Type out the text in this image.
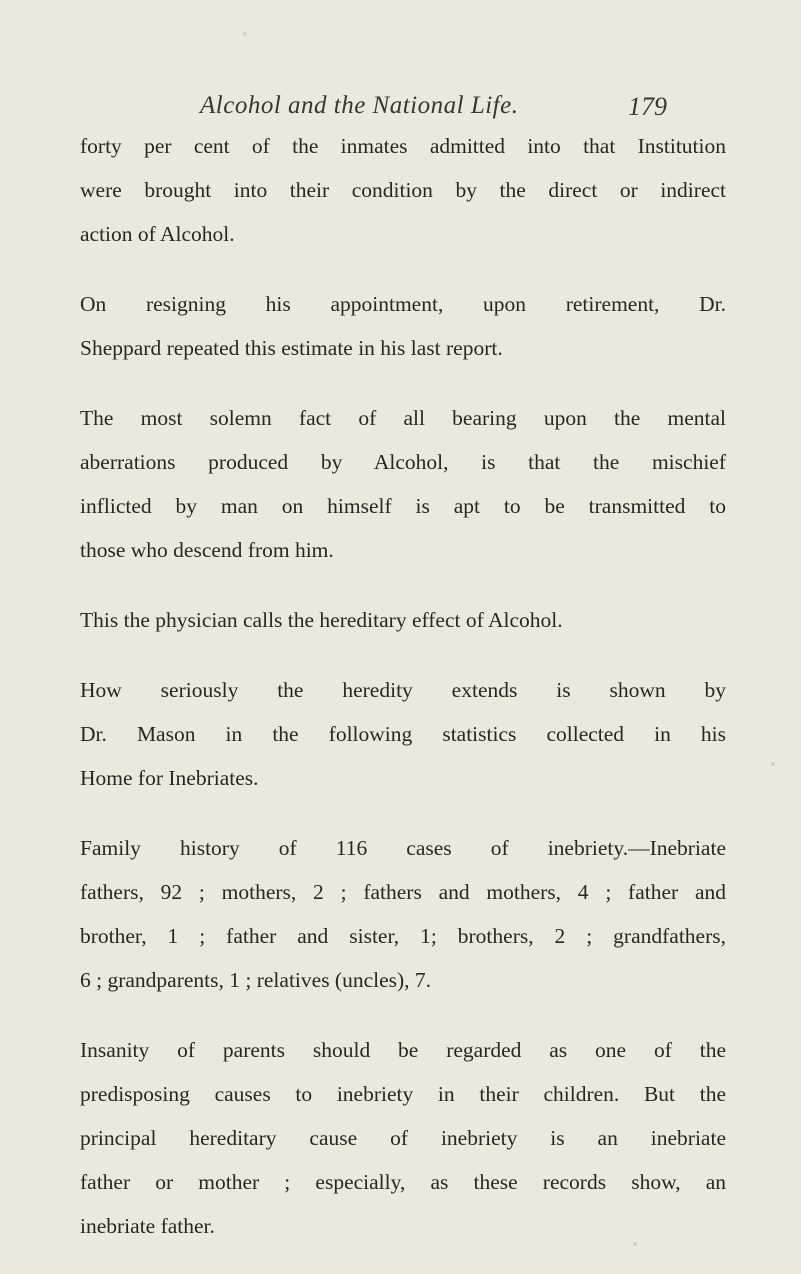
Alcohol and the National Life.	179

forty per cent of the inmates admitted into that Institution
were brought into their condition by the direct or indirect
action of Alcohol.

On resigning his appointment, upon retirement, Dr.
Sheppard repeated this estimate in his last report.

The most solemn fact of all bearing upon the mental
aberrations produced by Alcohol, is that the mischief
inflicted by man on himself is apt to be transmitted to
those who descend from him.

This the physician calls the hereditary effect of Alcohol.

How seriously the heredity extends is shown by
Dr. Mason in the following statistics collected in his
Home for Inebriates.

Family history of 116 cases of inebriety.—Inebriate
fathers, 92 ; mothers, 2 ; fathers and mothers, 4 ; father and
brother, 1 ; father and sister, 1; brothers, 2 ; grandfathers,
6 ; grandparents, 1 ; relatives (uncles), 7.

Insanity of parents should be regarded as one of the
predisposing causes to inebriety in their children. But the
principal hereditary cause of inebriety is an inebriate
father or mother ; especially, as these records show, an
inebriate father.
